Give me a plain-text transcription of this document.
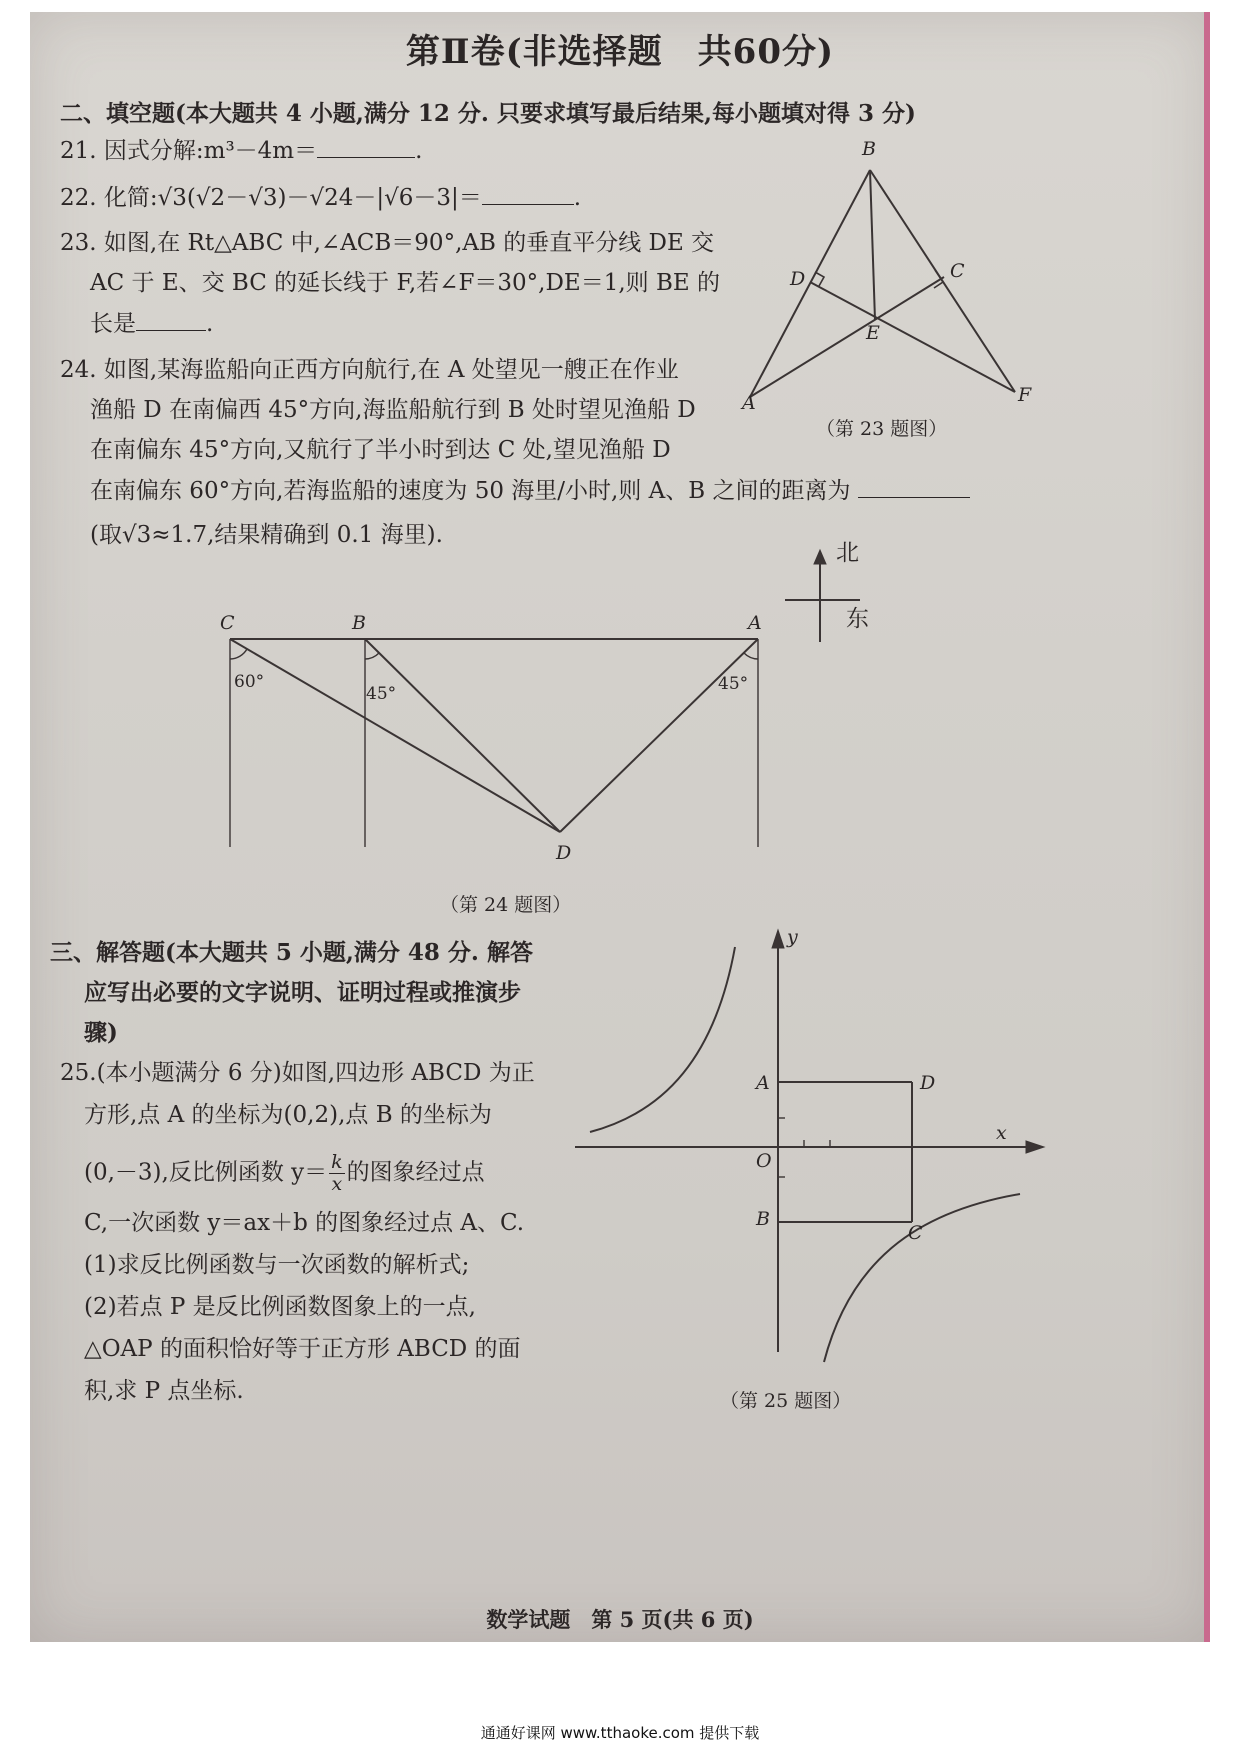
第Ⅱ卷(非选择题　共60分)

二、填空题(本大题共 4 小题,满分 12 分. 只要求填写最后结果,每小题填对得 3 分)

21. 因式分解:m³－4m＝	.

22. 化简:√3(√2－√3)－√24－|√6－3|＝	.

23. 如图,在 Rt△ABC 中,∠ACB＝90°,AB 的垂直平分线 DE 交

AC 于 E、交 BC 的延长线于 F,若∠F＝30°,DE＝1,则 BE 的

长是	.

B
D	C
E
A	F
（第 23 题图）

24. 如图,某海监船向正西方向航行,在 A 处望见一艘正在作业

渔船 D 在南偏西 45°方向,海监船航行到 B 处时望见渔船 D

在南偏东 45°方向,又航行了半小时到达 C 处,望见渔船 D

在南偏东 60°方向,若海监船的速度为 50 海里/小时,则 A、B 之间的距离为

(取√3≈1.7,结果精确到 0.1 海里).

C	B	A
D
60°
45°	45°
（第 24 题图）
北
东

三、解答题(本大题共 5 小题,满分 48 分. 解答

应写出必要的文字说明、证明过程或推演步

骤)

25.(本小题满分 6 分)如图,四边形 ABCD 为正

方形,点 A 的坐标为(0,2),点 B 的坐标为

(0,－3),反比例函数 $y= \frac{k}{x}$ 的图象经过点

C,一次函数 y＝ax＋b 的图象经过点 A、C.

(1)求反比例函数与一次函数的解析式;

(2)若点 P 是反比例函数图象上的一点,

△OAP 的面积恰好等于正方形 ABCD 的面

积,求 P 点坐标.

y
x
A	D
O
B
C
（第 25 题图）

数学试题　第 5 页(共 6 页)

通通好课网 www.tthaoke.com 提供下载
